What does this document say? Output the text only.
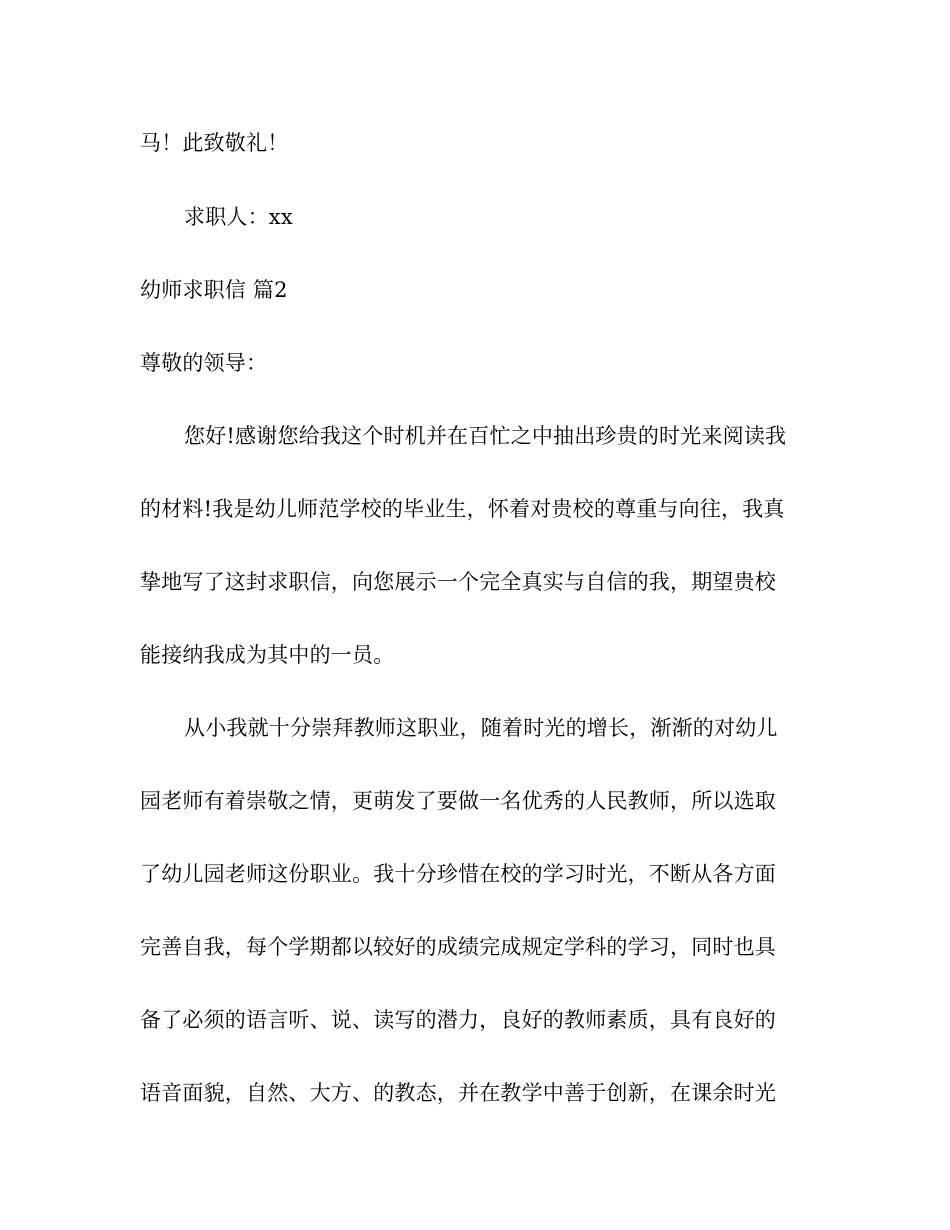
马！此致敬礼！
求职人：xx
幼师求职信 篇2
尊敬的领导：
您好!感谢您给我这个时机并在百忙之中抽出珍贵的时光来阅读我
的材料!我是幼儿师范学校的毕业生，怀着对贵校的尊重与向往，我真
挚地写了这封求职信，向您展示一个完全真实与自信的我，期望贵校
能接纳我成为其中的一员。
从小我就十分崇拜教师这职业，随着时光的增长，渐渐的对幼儿
园老师有着崇敬之情，更萌发了要做一名优秀的人民教师，所以选取
了幼儿园老师这份职业。我十分珍惜在校的学习时光，不断从各方面
完善自我，每个学期都以较好的成绩完成规定学科的学习，同时也具
备了必须的语言听、说、读写的潜力，良好的教师素质，具有良好的
语音面貌，自然、大方、的教态，并在教学中善于创新，在课余时光
